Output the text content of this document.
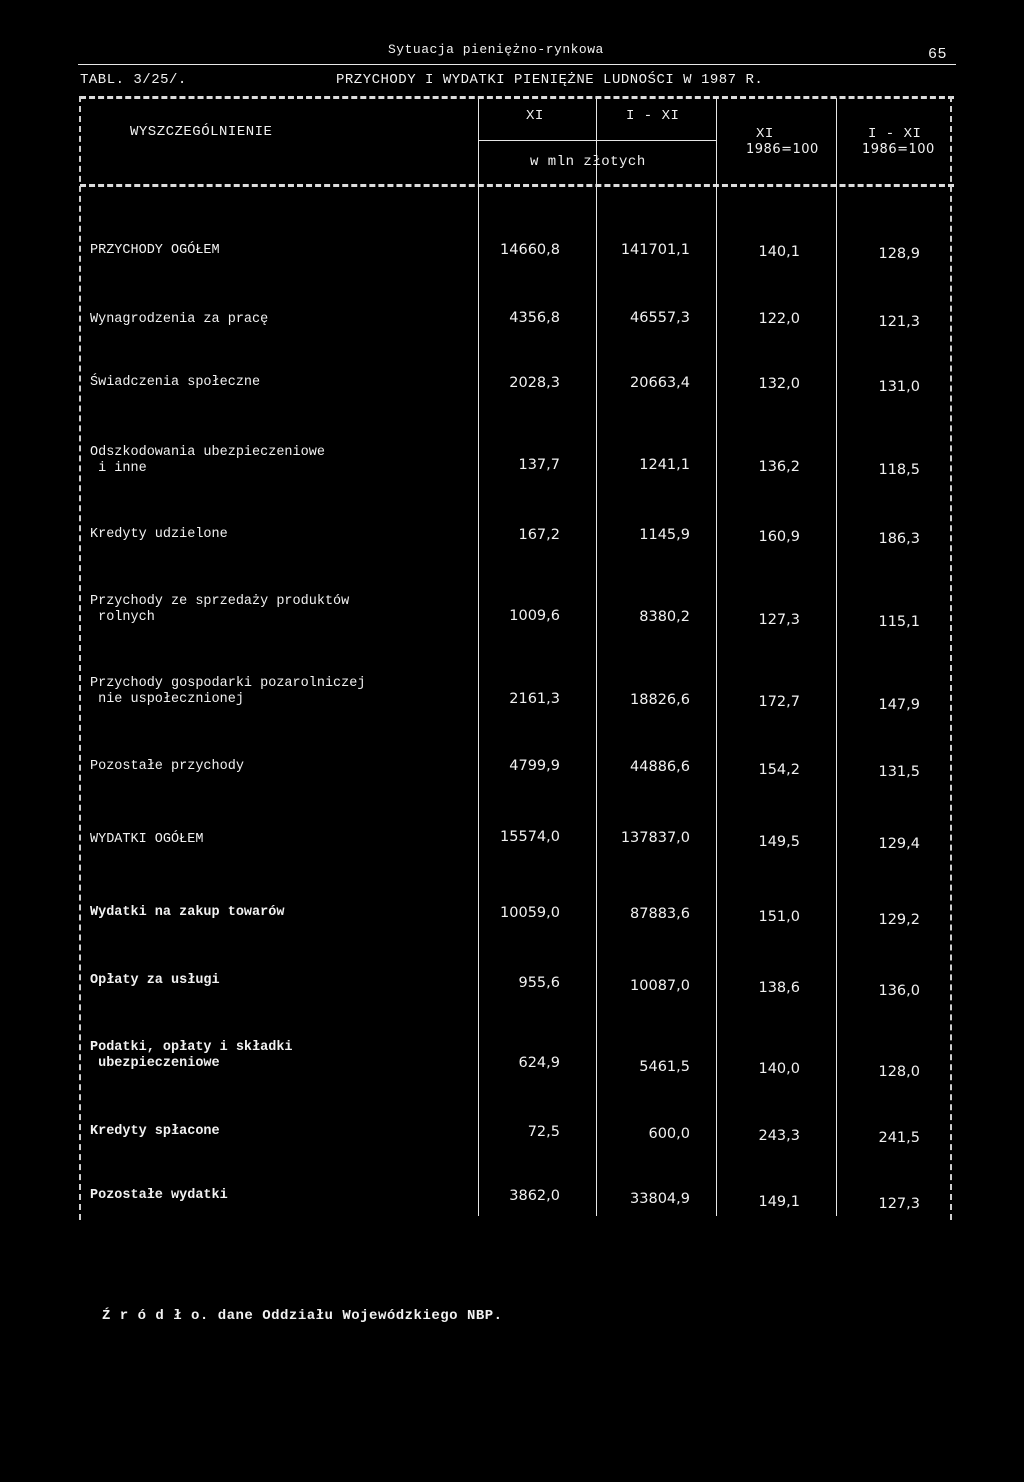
Sytuacja pieniężno-rynkowa	65
TABL. 3/25/.	PRZYCHODY I WYDATKI PIENIĘŻNE LUDNOŚCI W 1987 R.
WYSZCZEGÓLNIENIE
XI	I - XI
w mln złotych
XI
1986=100
I - XI
1986=100
PRZYCHODY OGÓŁEM	14660,8	141701,1	140,1	128,9
Wynagrodzenia za pracę	4356,8	46557,3	122,0	121,3
Świadczenia społeczne	2028,3	20663,4	132,0	131,0
Odszkodowania ubezpieczeniowe
i inne	137,7	1241,1	136,2	118,5
Kredyty udzielone	167,2	1145,9	160,9	186,3
Przychody ze sprzedaży produktów
rolnych	1009,6	8380,2	127,3	115,1
Przychody gospodarki pozarolniczej
nie uspołecznionej	2161,3	18826,6	172,7	147,9
Pozostałe przychody	4799,9	44886,6	154,2	131,5
WYDATKI OGÓŁEM	15574,0	137837,0	149,5	129,4
Wydatki na zakup towarów	10059,0	87883,6	151,0	129,2
Opłaty za usługi	955,6	10087,0	138,6	136,0
Podatki, opłaty i składki
ubezpieczeniowe	624,9	5461,5	140,0	128,0
Kredyty spłacone	72,5	600,0	243,3	241,5
Pozostałe wydatki	3862,0	33804,9	149,1	127,3
Ź r ó d ł o. dane Oddziału Wojewódzkiego NBP.
